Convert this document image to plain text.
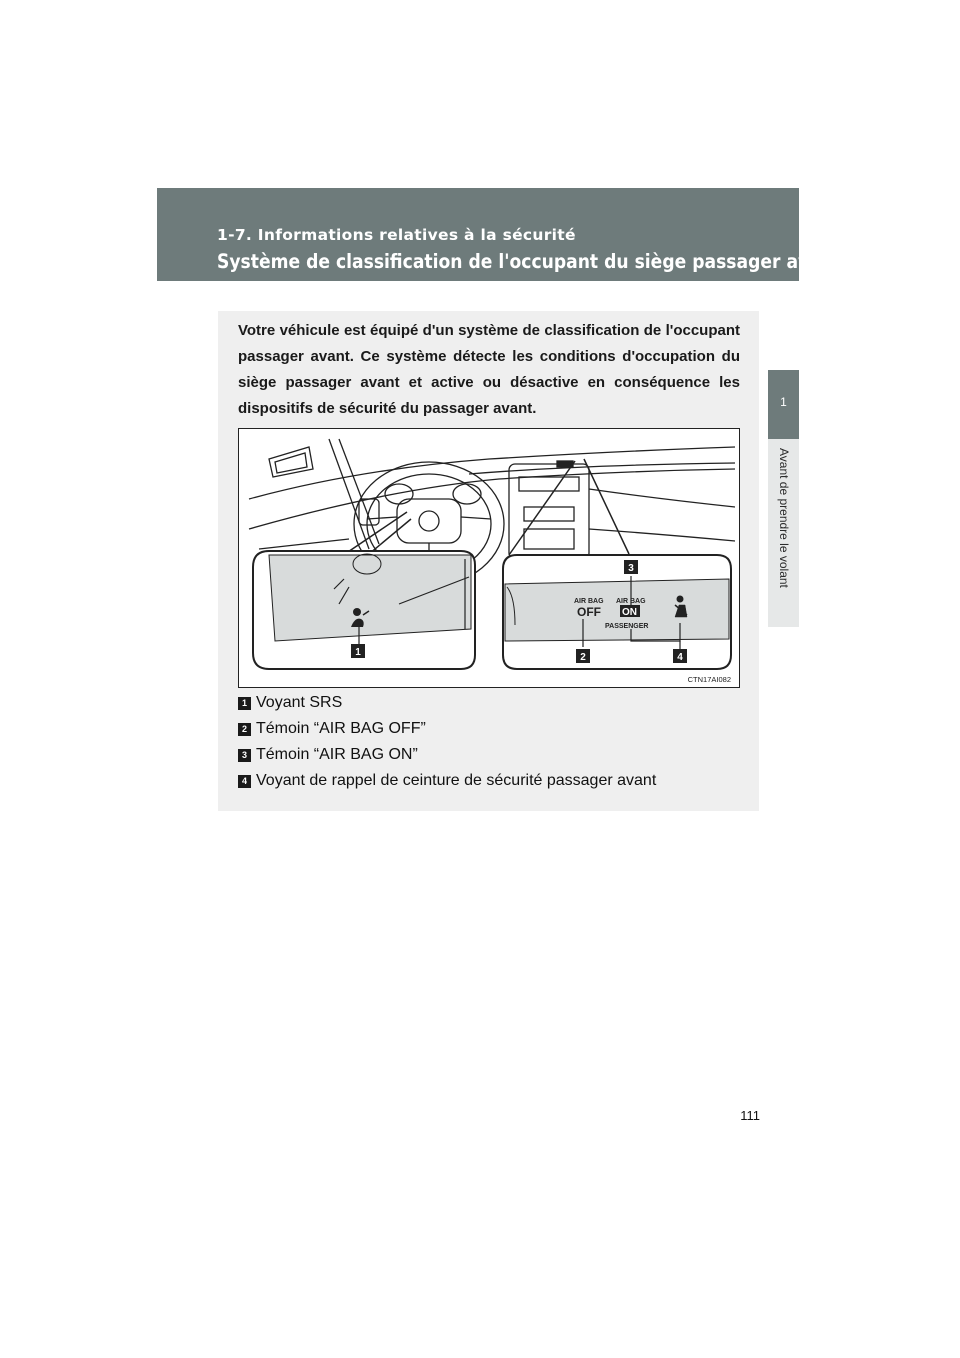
1-7. Informations relatives à la sécurité
Système de classification de l'occupant du siège passager avant
1
Avant de prendre le volant
Votre véhicule est équipé d'un système de classification de l'occupant passager avant. Ce système détecte les conditions d'occupation du siège passager avant et active ou désactive en conséquence les dispositifs de sécurité du passager avant.
AIR BAG
OFF
AIR BAG
ON
PASSENGER
1	2
3
4
CTN17AI082
1 Voyant SRS
2 Témoin “AIR BAG OFF”
3 Témoin “AIR BAG ON”
4 Voyant de rappel de ceinture de sécurité passager avant
111
